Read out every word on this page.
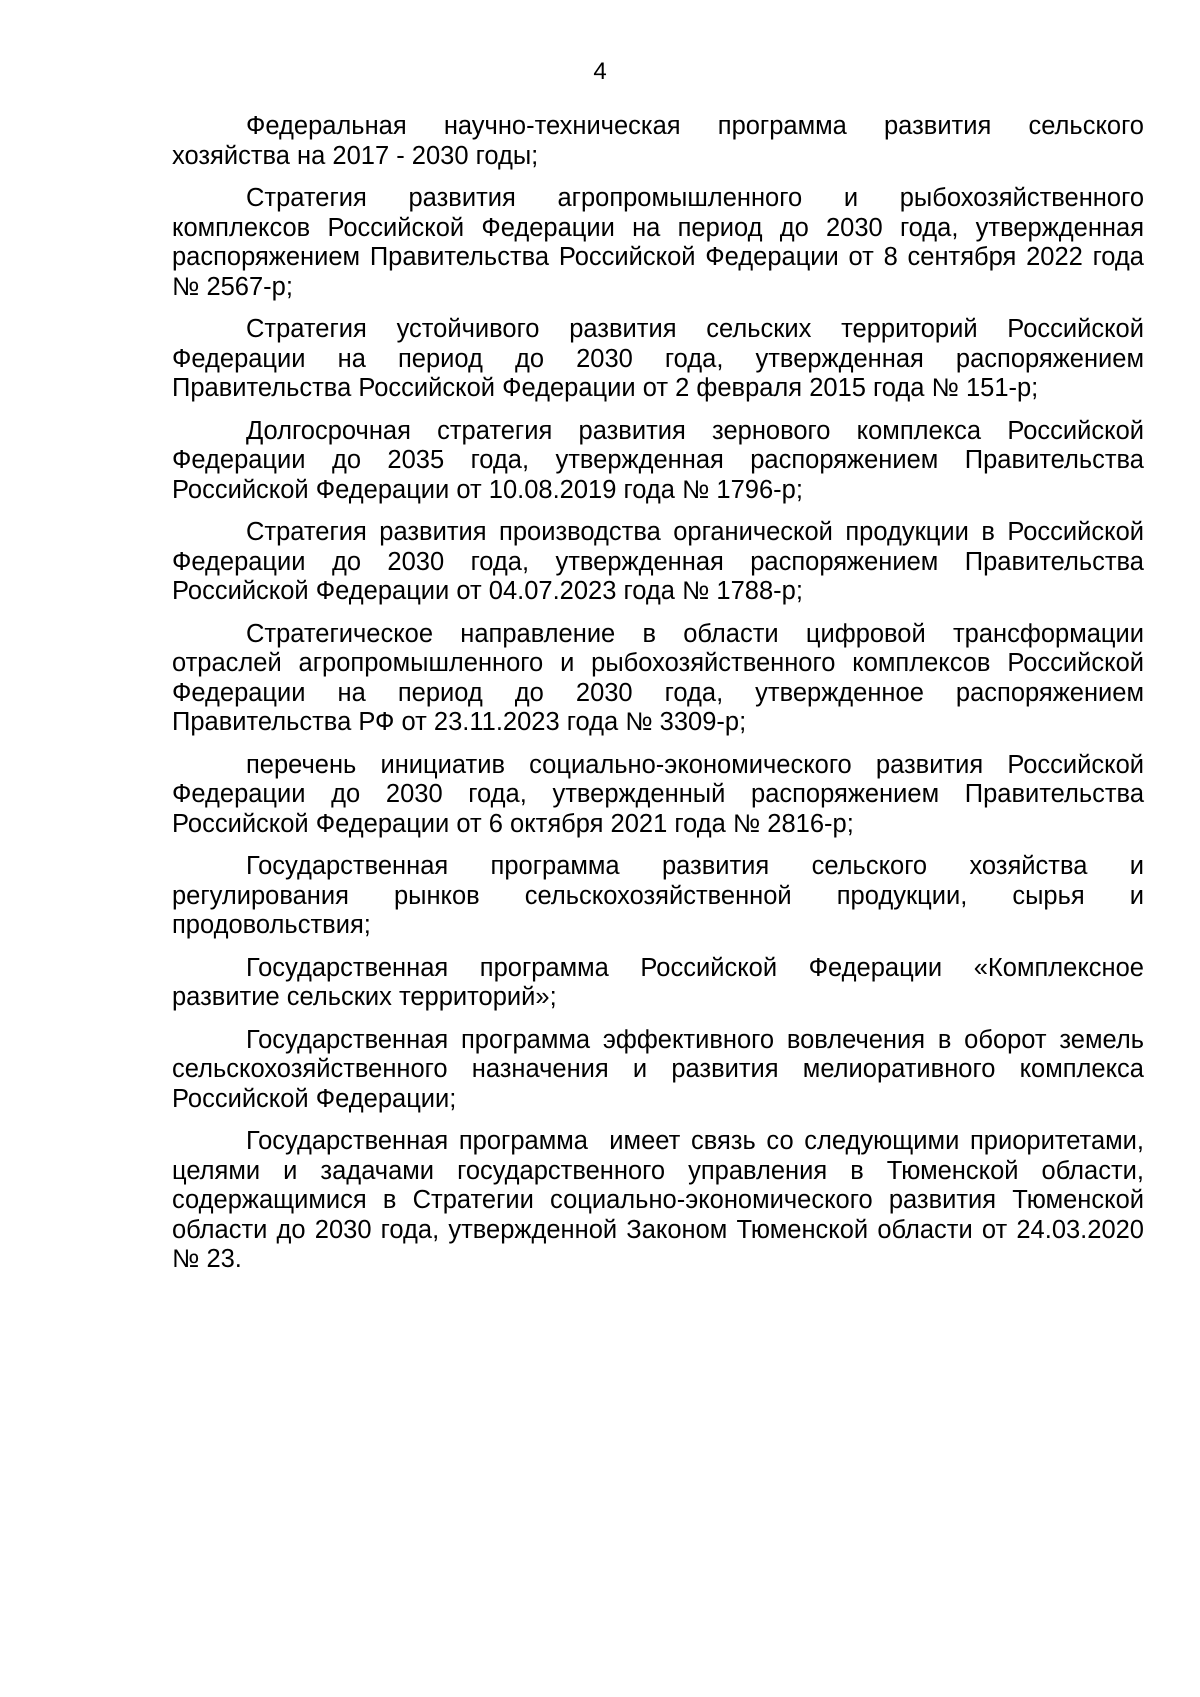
4

Федеральная научно-техническая программа развития сельского хозяйства на 2017 - 2030 годы;

Стратегия развития агропромышленного и рыбохозяйственного комплексов Российской Федерации на период до 2030 года, утвержденная распоряжением Правительства Российской Федерации от 8 сентября 2022 года № 2567-р;

Стратегия устойчивого развития сельских территорий Российской Федерации на период до 2030 года, утвержденная распоряжением Правительства Российской Федерации от 2 февраля 2015 года № 151-р;

Долгосрочная стратегия развития зернового комплекса Российской Федерации до 2035 года, утвержденная распоряжением Правительства Российской Федерации от 10.08.2019 года № 1796-р;

Стратегия развития производства органической продукции в Российской Федерации до 2030 года, утвержденная распоряжением Правительства Российской Федерации от 04.07.2023 года № 1788-р;

Стратегическое направление в области цифровой трансформации отраслей агропромышленного и рыбохозяйственного комплексов Российской Федерации на период до 2030 года, утвержденное распоряжением Правительства РФ от 23.11.2023 года № 3309-р;

перечень инициатив социально-экономического развития Российской Федерации до 2030 года, утвержденный распоряжением Правительства Российской Федерации от 6 октября 2021 года № 2816-р;

Государственная программа развития сельского хозяйства и регулирования рынков сельскохозяйственной продукции, сырья и продовольствия;

Государственная программа Российской Федерации «Комплексное развитие сельских территорий»;

Государственная программа эффективного вовлечения в оборот земель сельскохозяйственного назначения и развития мелиоративного комплекса Российской Федерации;

Государственная программа  имеет связь со следующими приоритетами, целями и задачами государственного управления в Тюменской области, содержащимися в Стратегии социально-экономического развития Тюменской области до 2030 года, утвержденной Законом Тюменской области от 24.03.2020 № 23.
